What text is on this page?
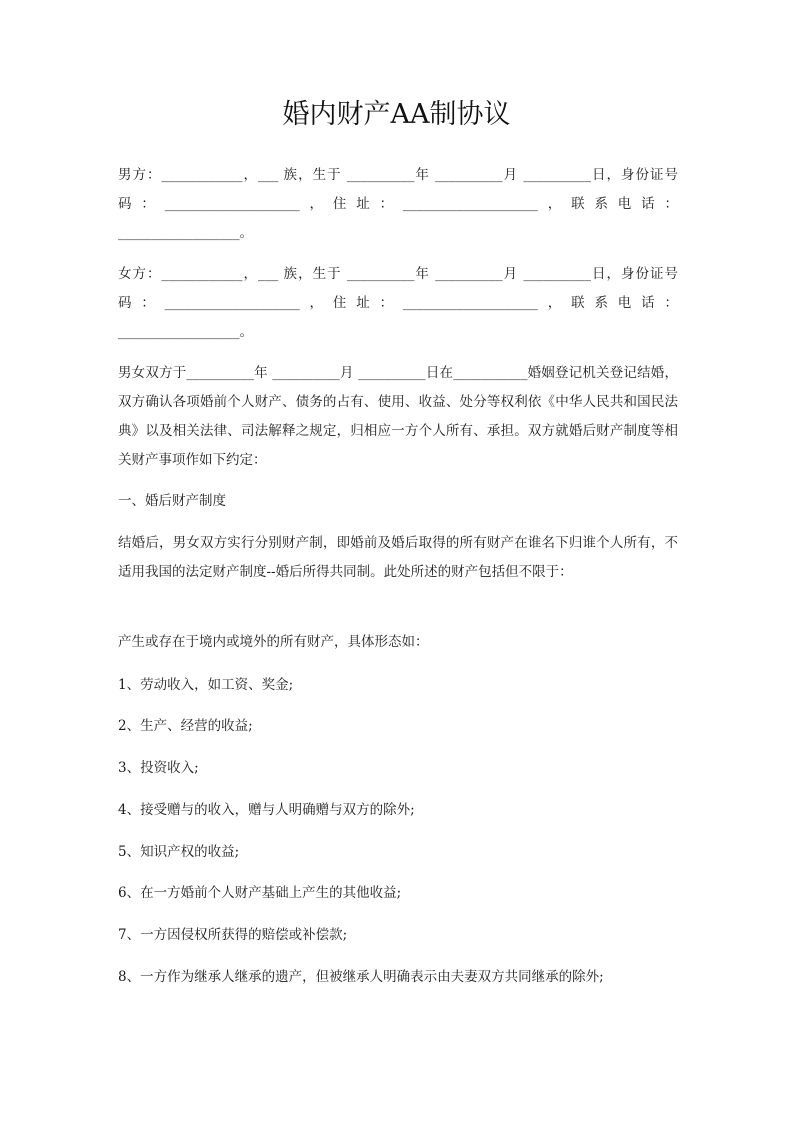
婚内财产AA制协议

男方：____________，___ 族，生于 __________年 __________月 __________日，身份证号码：____________________，住址：____________________，联系电话：__________________。

女方：____________，___ 族，生于 __________年 __________月 __________日，身份证号码：____________________，住址：____________________，联系电话：__________________。

男女双方于__________年 __________月 __________日在___________婚姻登记机关登记结婚，双方确认各项婚前个人财产、债务的占有、使用、收益、处分等权利依《中华人民共和国民法典》以及相关法律、司法解释之规定，归相应一方个人所有、承担。双方就婚后财产制度等相关财产事项作如下约定：

一、婚后财产制度

结婚后，男女双方实行分别财产制，即婚前及婚后取得的所有财产在谁名下归谁个人所有，不适用我国的法定财产制度--婚后所得共同制。此处所述的财产包括但不限于：

产生或存在于境内或境外的所有财产，具体形态如：

1、劳动收入，如工资、奖金;

2、生产、经营的收益;

3、投资收入;

4、接受赠与的收入，赠与人明确赠与双方的除外;

5、知识产权的收益;

6、在一方婚前个人财产基础上产生的其他收益;

7、一方因侵权所获得的赔偿或补偿款;

8、一方作为继承人继承的遗产，但被继承人明确表示由夫妻双方共同继承的除外;
